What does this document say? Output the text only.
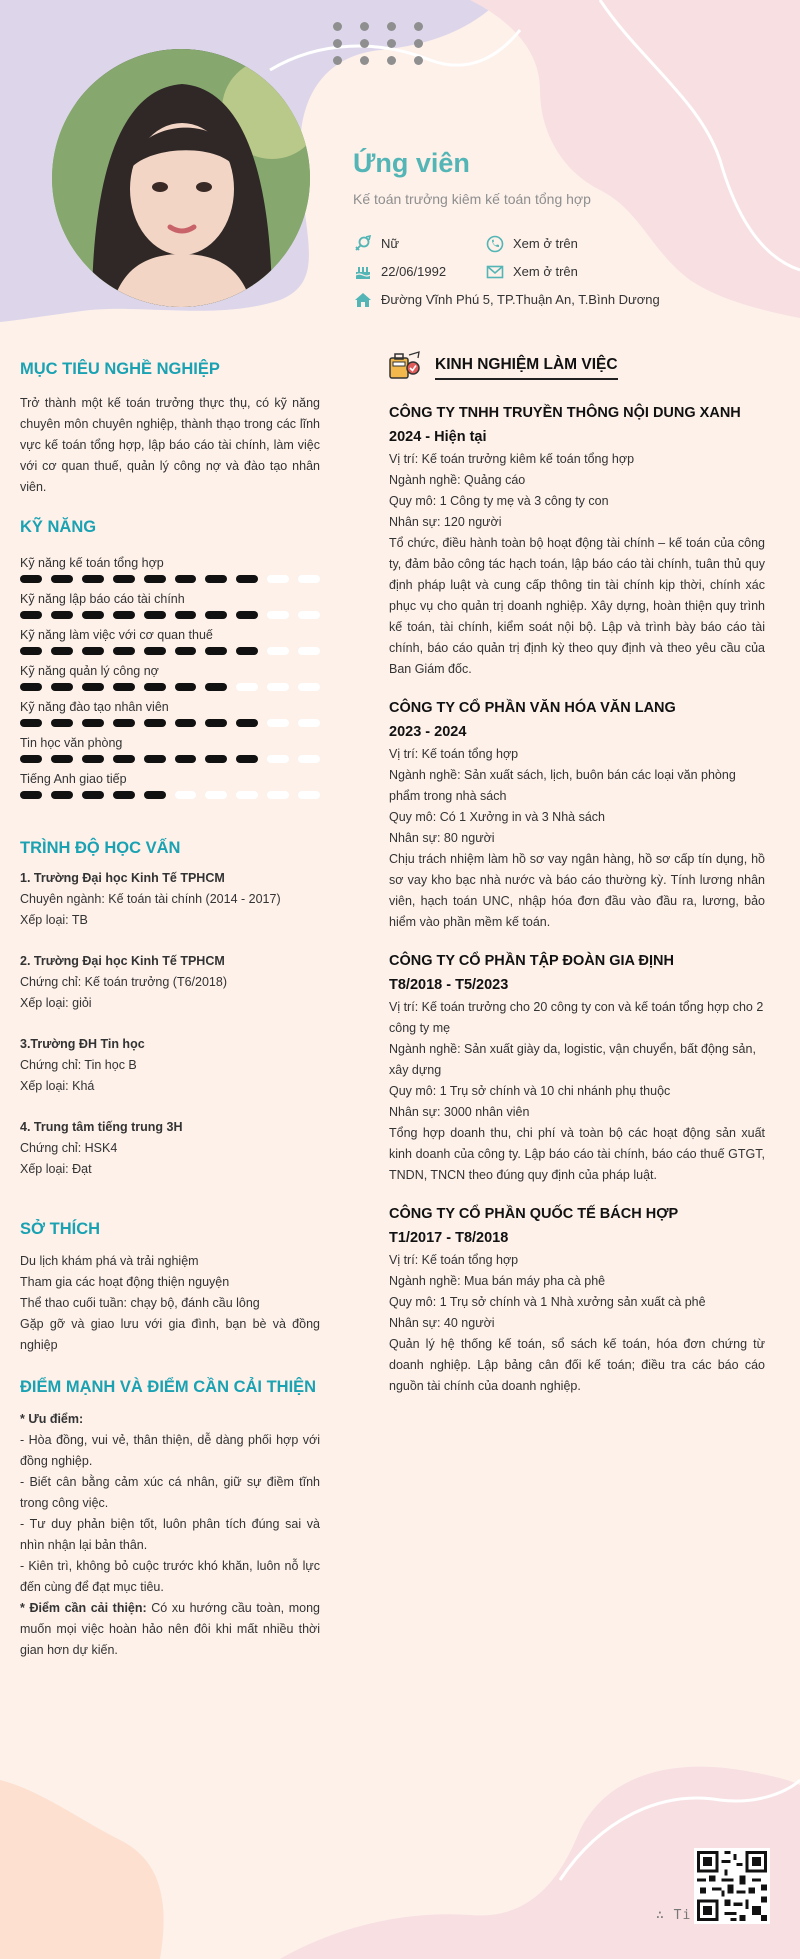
Ứng viên
Kế toán trưởng kiêm kế toán tổng hợp
Nữ	Xem ở trên
22/06/1992	Xem ở trên
Đường Vĩnh Phú 5, TP.Thuận An, T.Bình Dương
MỤC TIÊU NGHỀ NGHIỆP

Trở thành một kế toán trưởng thực thụ, có kỹ năng chuyên môn chuyên nghiệp, thành thạo trong các lĩnh vực kế toán tổng hợp, lập báo cáo tài chính, làm việc với cơ quan thuế, quản lý công nợ và đào tạo nhân viên.

KỸ NĂNG
Kỹ năng kế toán tổng hợp
Kỹ năng lập báo cáo tài chính
Kỹ năng làm việc với cơ quan thuế
Kỹ năng quản lý công nợ
Kỹ năng đào tạo nhân viên
Tin học văn phòng
Tiếng Anh giao tiếp
TRÌNH ĐỘ HỌC VẤN
1. Trường Đại học Kinh Tế TPHCM
Chuyên ngành: Kế toán tài chính (2014 - 2017)
Xếp loại: TB
2. Trường Đại học Kinh Tế TPHCM
Chứng chỉ: Kế toán trưởng (T6/2018)
Xếp loại: giỏi
3.Trường ĐH Tin học
Chứng chỉ: Tin học B
Xếp loại: Khá
4. Trung tâm tiếng trung 3H
Chứng chỉ: HSK4
Xếp loại: Đạt
SỞ THÍCH
Du lịch khám phá và trải nghiệm
Tham gia các hoạt động thiện nguyện
Thể thao cuối tuần: chạy bộ, đánh cầu lông
Gặp gỡ và giao lưu với gia đình, bạn bè và đồng nghiệp
ĐIỂM MẠNH VÀ ĐIỂM CẦN CẢI THIỆN
* Ưu điểm:
- Hòa đồng, vui vẻ, thân thiện, dễ dàng phối hợp với đồng nghiệp.
- Biết cân bằng cảm xúc cá nhân, giữ sự điềm tĩnh trong công việc.
- Tư duy phản biện tốt, luôn phân tích đúng sai và nhìn nhận lại bản thân.
- Kiên trì, không bỏ cuộc trước khó khăn, luôn nỗ lực đến cùng để đạt mục tiêu.
* Điểm cần cải thiện: Có xu hướng cầu toàn, mong muốn mọi việc hoàn hảo nên đôi khi mất nhiều thời gian hơn dự kiến.
KINH NGHIỆM LÀM VIỆC
CÔNG TY TNHH TRUYỀN THÔNG NỘI DUNG XANH
2024 - Hiện tại
Vị trí: Kế toán trưởng kiêm kế toán tổng hợp
Ngành nghề: Quảng cáo
Quy mô: 1 Công ty mẹ và 3 công ty con
Nhân sự: 120 người
Tổ chức, điều hành toàn bộ hoạt động tài chính – kế toán của công ty, đảm bảo công tác hạch toán, lập báo cáo tài chính, tuân thủ quy định pháp luật và cung cấp thông tin tài chính kịp thời, chính xác phục vụ cho quản trị doanh nghiệp. Xây dựng, hoàn thiện quy trình kế toán, tài chính, kiểm soát nội bộ. Lập và trình bày báo cáo tài chính, báo cáo quản trị định kỳ theo quy định và theo yêu cầu của Ban Giám đốc.
CÔNG TY CỔ PHẦN VĂN HÓA VĂN LANG
2023 - 2024
Vị trí: Kế toán tổng hợp
Ngành nghề: Sản xuất sách, lịch, buôn bán các loại văn phòng phẩm trong nhà sách
Quy mô: Có 1 Xưởng in và 3 Nhà sách
Nhân sự: 80 người
Chịu trách nhiệm làm hồ sơ vay ngân hàng, hồ sơ cấp tín dụng, hồ sơ vay kho bạc nhà nước và báo cáo thường kỳ. Tính lương nhân viên, hạch toán UNC, nhập hóa đơn đầu vào đầu ra, lương, bảo hiểm vào phần mềm kế toán.
CÔNG TY CỔ PHẦN TẬP ĐOÀN GIA ĐỊNH
T8/2018 - T5/2023
Vị trí: Kế toán trưởng cho 20 công ty con và kế toán tổng hợp cho 2 công ty mẹ
Ngành nghề: Sản xuất giày da, logistic, vận chuyển, bất động sản, xây dựng
Quy mô: 1 Trụ sở chính và 10 chi nhánh phụ thuộc
Nhân sự: 3000 nhân viên
Tổng hợp doanh thu, chi phí và toàn bộ các hoạt động sản xuất kinh doanh của công ty. Lập báo cáo tài chính, báo cáo thuế GTGT, TNDN, TNCN theo đúng quy định của pháp luật.
CÔNG TY CỔ PHẦN QUỐC TẾ BÁCH HỢP
T1/2017 - T8/2018
Vị trí: Kế toán tổng hợp
Ngành nghề: Mua bán máy pha cà phê
Quy mô: 1 Trụ sở chính và 1 Nhà xưởng sản xuất cà phê
Nhân sự: 40 người
Quản lý hệ thống kế toán, sổ sách kế toán, hóa đơn chứng từ doanh nghiệp. Lập bảng cân đối kế toán; điều tra các báo cáo nguồn tài chính của doanh nghiệp.
∴ Ti
